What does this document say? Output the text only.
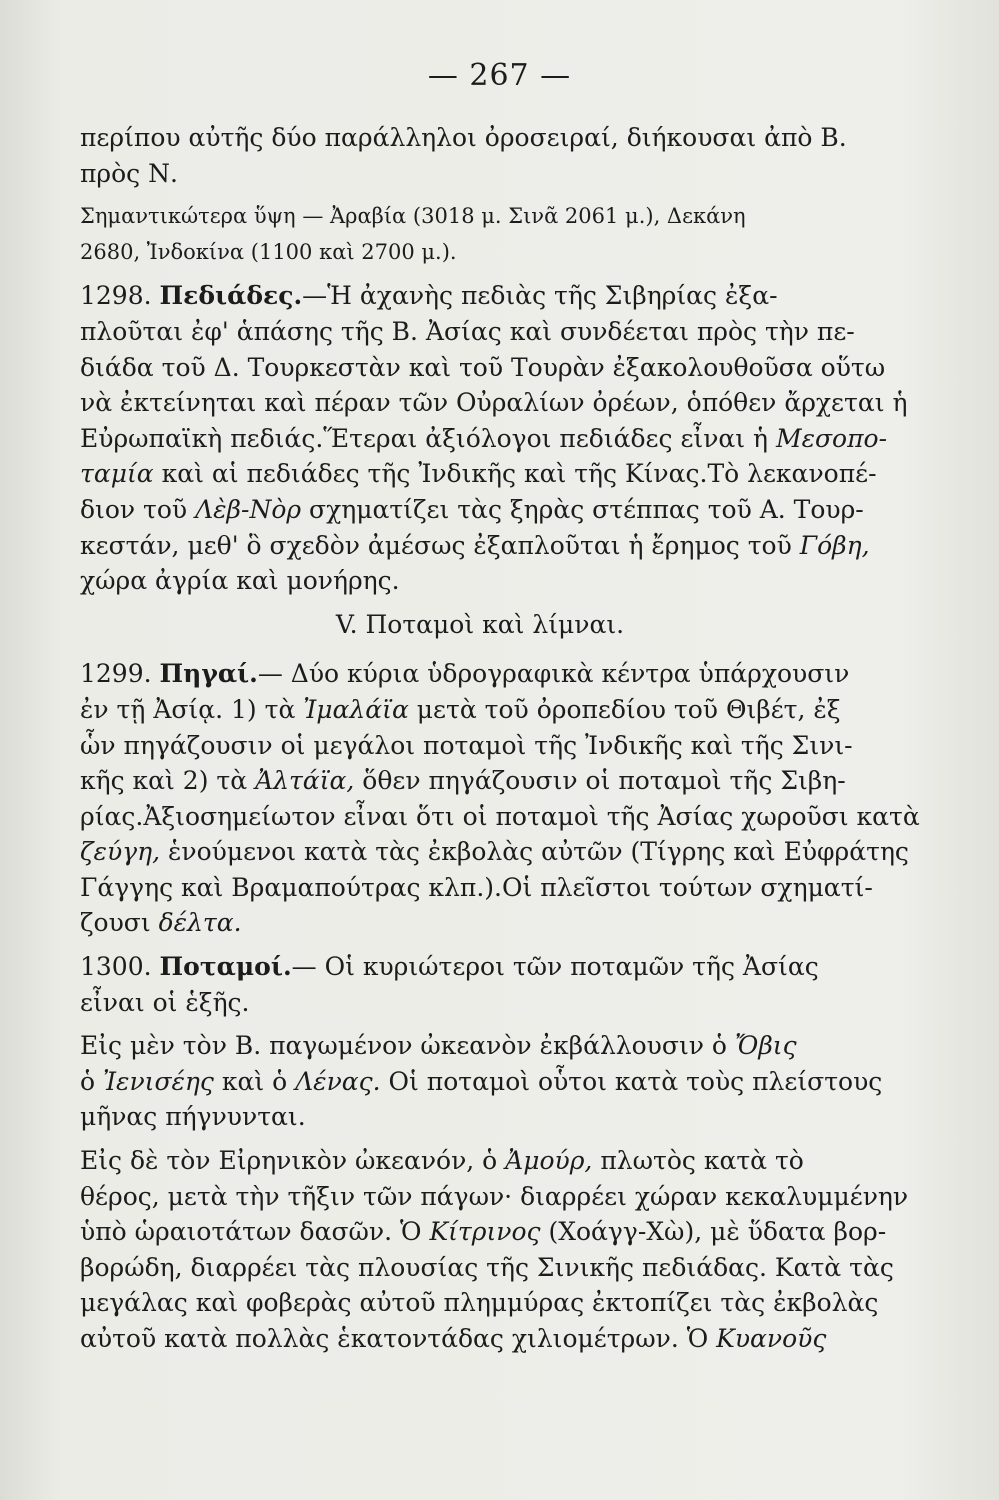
— 267 —
περίπου αὐτῆς δύο παράλληλοι ὀροσειραί, διήκουσαι ἀπὸ Β.
πρὸς Ν.
Σημαντικώτερα ὕψη — Ἀραβία (3018 μ. Σινᾶ 2061 μ.), Δεκάνη
2680, Ἰνδοκίνα (1100 καὶ 2700 μ.).
1298. Πεδιάδες.—Ἡ ἀχανὴς πεδιὰς τῆς Σιβηρίας ἐξα-
πλοῦται ἐφ' ἁπάσης τῆς Β. Ἀσίας καὶ συνδέεται πρὸς τὴν πε-
διάδα τοῦ Δ. Τουρκεστὰν καὶ τοῦ Τουρὰν ἐξακολουθοῦσα οὕτω
νὰ ἐκτείνηται καὶ πέραν τῶν Οὐραλίων ὀρέων, ὁπόθεν ἄρχεται ἡ
Εὐρωπαϊκὴ πεδιάς.Ἕτεραι ἀξιόλογοι πεδιάδες εἶναι ἡ Μεσοπο-
ταμία καὶ αἱ πεδιάδες τῆς Ἰνδικῆς καὶ τῆς Κίνας.Τὸ λεκανοπέ-
διον τοῦ Λὲβ-Νὸρ σχηματίζει τὰς ξηρὰς στέππας τοῦ Α. Τουρ-
κεστάν, μεθ' ὃ σχεδὸν ἀμέσως ἐξαπλοῦται ἡ ἔρημος τοῦ Γόβη,
χώρα ἀγρία καὶ μονήρης.
V. Ποταμοὶ καὶ λίμναι.
1299. Πηγαί.— Δύο κύρια ὑδρογραφικὰ κέντρα ὑπάρχουσιν
ἐν τῇ Ἀσίᾳ. 1) τὰ Ἰμαλάϊα μετὰ τοῦ ὀροπεδίου τοῦ Θιβέτ, ἐξ
ὧν πηγάζουσιν οἱ μεγάλοι ποταμοὶ τῆς Ἰνδικῆς καὶ τῆς Σινι-
κῆς καὶ 2) τὰ Ἀλτάϊα, ὅθεν πηγάζουσιν οἱ ποταμοὶ τῆς Σιβη-
ρίας.Ἀξιοσημείωτον εἶναι ὅτι οἱ ποταμοὶ τῆς Ἀσίας χωροῦσι κατὰ
ζεύγη, ἑνούμενοι κατὰ τὰς ἐκβολὰς αὐτῶν (Τίγρης καὶ Εὐφράτης
Γάγγης καὶ Βραμαπούτρας κλπ.).Οἱ πλεῖστοι τούτων σχηματί-
ζουσι δέλτα.
1300. Ποταμοί.— Οἱ κυριώτεροι τῶν ποταμῶν τῆς Ἀσίας
εἶναι οἱ ἑξῆς.
Εἰς μὲν τὸν Β. παγωμένον ὠκεανὸν ἐκβάλλουσιν ὁ Ὄβις
ὁ Ἰενισέης καὶ ὁ Λένας. Οἱ ποταμοὶ οὗτοι κατὰ τοὺς πλείστους
μῆνας πήγνυνται.
Εἰς δὲ τὸν Εἰρηνικὸν ὠκεανόν, ὁ Ἀμούρ, πλωτὸς κατὰ τὸ
θέρος, μετὰ τὴν τῆξιν τῶν πάγων· διαρρέει χώραν κεκαλυμμένην
ὑπὸ ὡραιοτάτων δασῶν. Ὁ Κίτρινος (Χοάγγ-Χὼ), μὲ ὕδατα βορ-
βορώδη, διαρρέει τὰς πλουσίας τῆς Σινικῆς πεδιάδας. Κατὰ τὰς
μεγάλας καὶ φοβερὰς αὐτοῦ πλημμύρας ἐκτοπίζει τὰς ἐκβολὰς
αὐτοῦ κατὰ πολλὰς ἑκατοντάδας χιλιομέτρων. Ὁ Κυανοῦς
